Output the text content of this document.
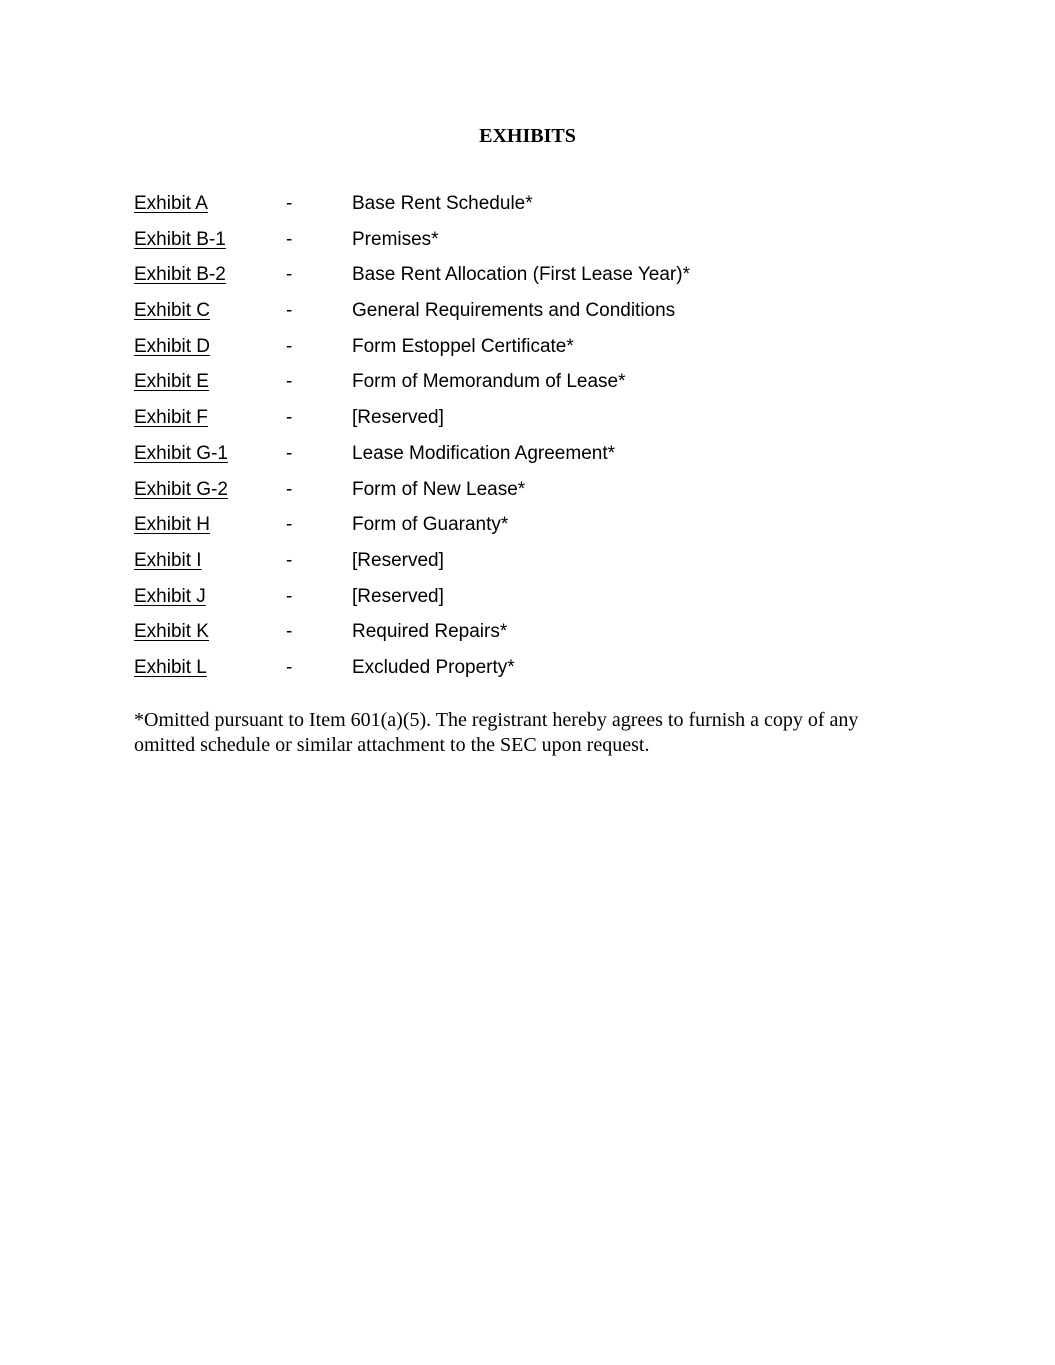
EXHIBITS
Exhibit A	-	Base Rent Schedule*
Exhibit B-1	-	Premises*
Exhibit B-2	-	Base Rent Allocation (First Lease Year)*
Exhibit C	-	General Requirements and Conditions
Exhibit D	-	Form Estoppel Certificate*
Exhibit E	-	Form of Memorandum of Lease*
Exhibit F	-	[Reserved]
Exhibit G-1	-	Lease Modification Agreement*
Exhibit G-2	-	Form of New Lease*
Exhibit H	-	Form of Guaranty*
Exhibit I	-	[Reserved]
Exhibit J	-	[Reserved]
Exhibit K	-	Required Repairs*
Exhibit L	-	Excluded Property*

*Omitted pursuant to Item 601(a)(5). The registrant hereby agrees to furnish a copy of any omitted schedule or similar attachment to the SEC upon request.
